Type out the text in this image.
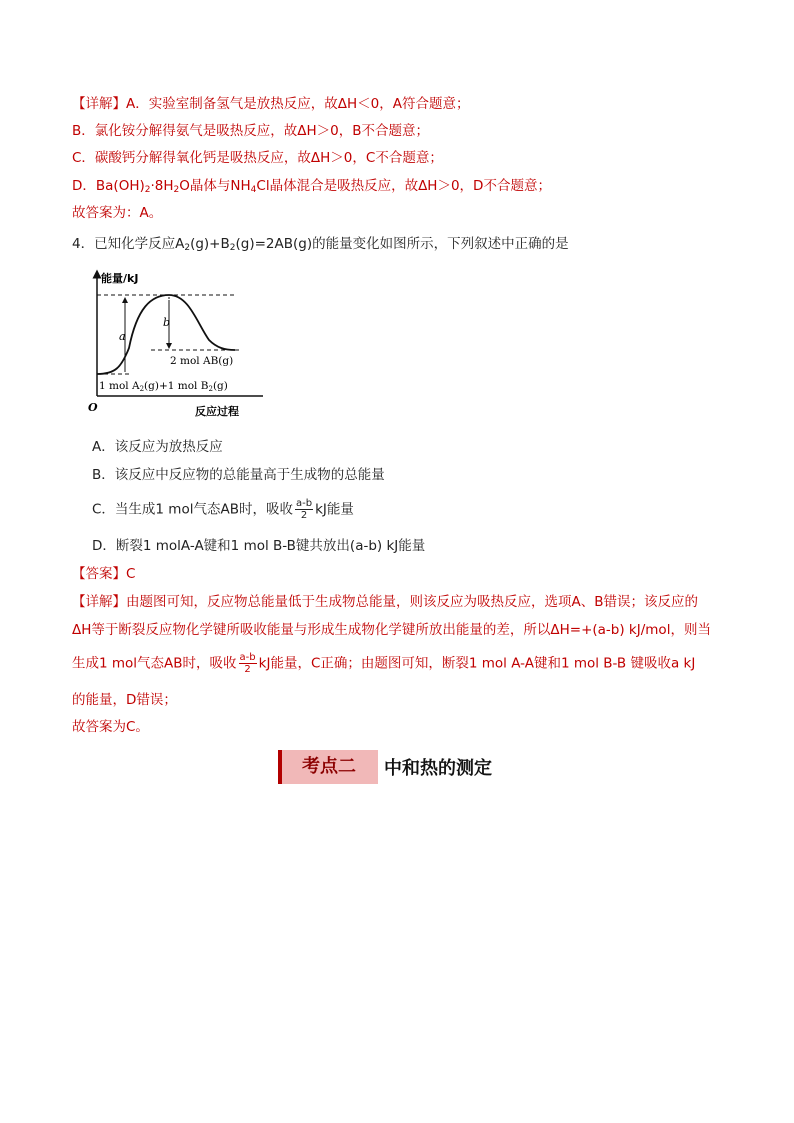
【详解】A．实验室制备氢气是放热反应，故ΔH＜0，A符合题意；
B．氯化铵分解得氨气是吸热反应，故ΔH＞0，B不合题意；
C．碳酸钙分解得氧化钙是吸热反应，故ΔH＞0，C不合题意；
D．$Ba(OH)_2\cdot 8H_2O$晶体与$NH_4Cl$晶体混合是吸热反应，故ΔH＞0，D不合题意；
故答案为：A。
4．已知化学反应$A_2(g)+B_2(g)=2AB(g)$的能量变化如图所示，下列叙述中正确的是
能量/kJ
反应过程
O
a
b
2 mol AB(g)
1 mol A2(g)+1 mol B2(g)
A．该反应为放热反应
B．该反应中反应物的总能量高于生成物的总能量
C．当生成1 mol气态AB时，吸收 $\frac{a-b}{2}$ kJ能量
D．断裂1 molA-A键和1 mol B-B键共放出(a-b) kJ能量
【答案】C
【详解】由题图可知，反应物总能量低于生成物总能量，则该反应为吸热反应，选项A、B错误；该反应的
ΔH等于断裂反应物化学键所吸收能量与形成生成物化学键所放出能量的差，所以ΔH=+(a-b) kJ/mol，则当
生成1 mol气态AB时，吸收 $\frac{a-b}{2}$ kJ能量，C正确；由题图可知，断裂1 mol A-A键和1 mol B-B 键吸收a kJ
的能量，D错误；
故答案为C。
考点二	中和热的测定
